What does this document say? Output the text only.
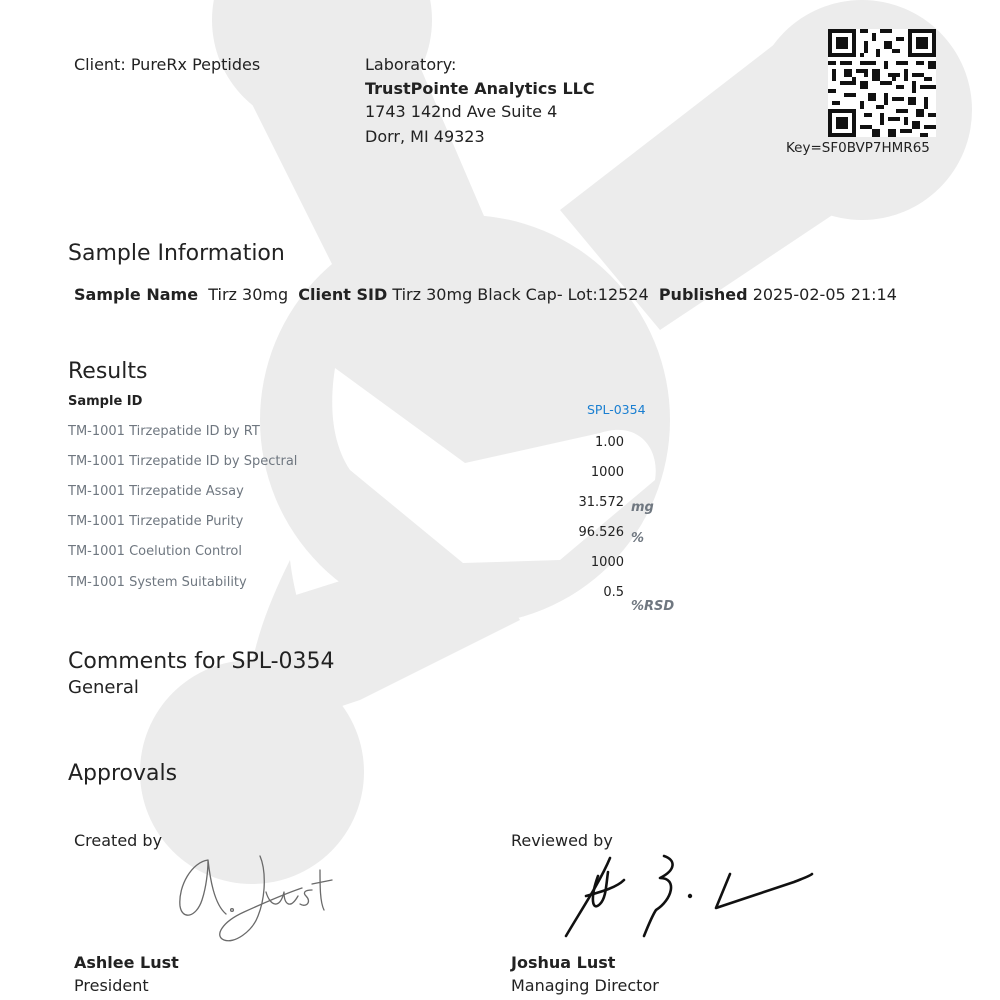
Client: PureRx Peptides	Laboratory:
TrustPointe Analytics LLC
1743 142nd Ave Suite 4
Dorr, MI 49323
Key=SF0BVP7HMR65
Sample Information
Sample Name Tirz 30mg Client SID Tirz 30mg Black Cap- Lot:12524 Published 2025-02-05 21:14
Results
Sample ID
SPL-0354
TM-1001 Tirzepatide ID by RT
TM-1001 Tirzepatide ID by Spectral
TM-1001 Tirzepatide Assay
TM-1001 Tirzepatide Purity
TM-1001 Coelution Control
TM-1001 System Suitability
1.00
1000
31.572
96.526
1000
0.5
mg
%
%RSD
Comments for SPL-0354
General
Approvals
Created by
Ashlee Lust
President
Reviewed by
Joshua Lust
Managing Director
